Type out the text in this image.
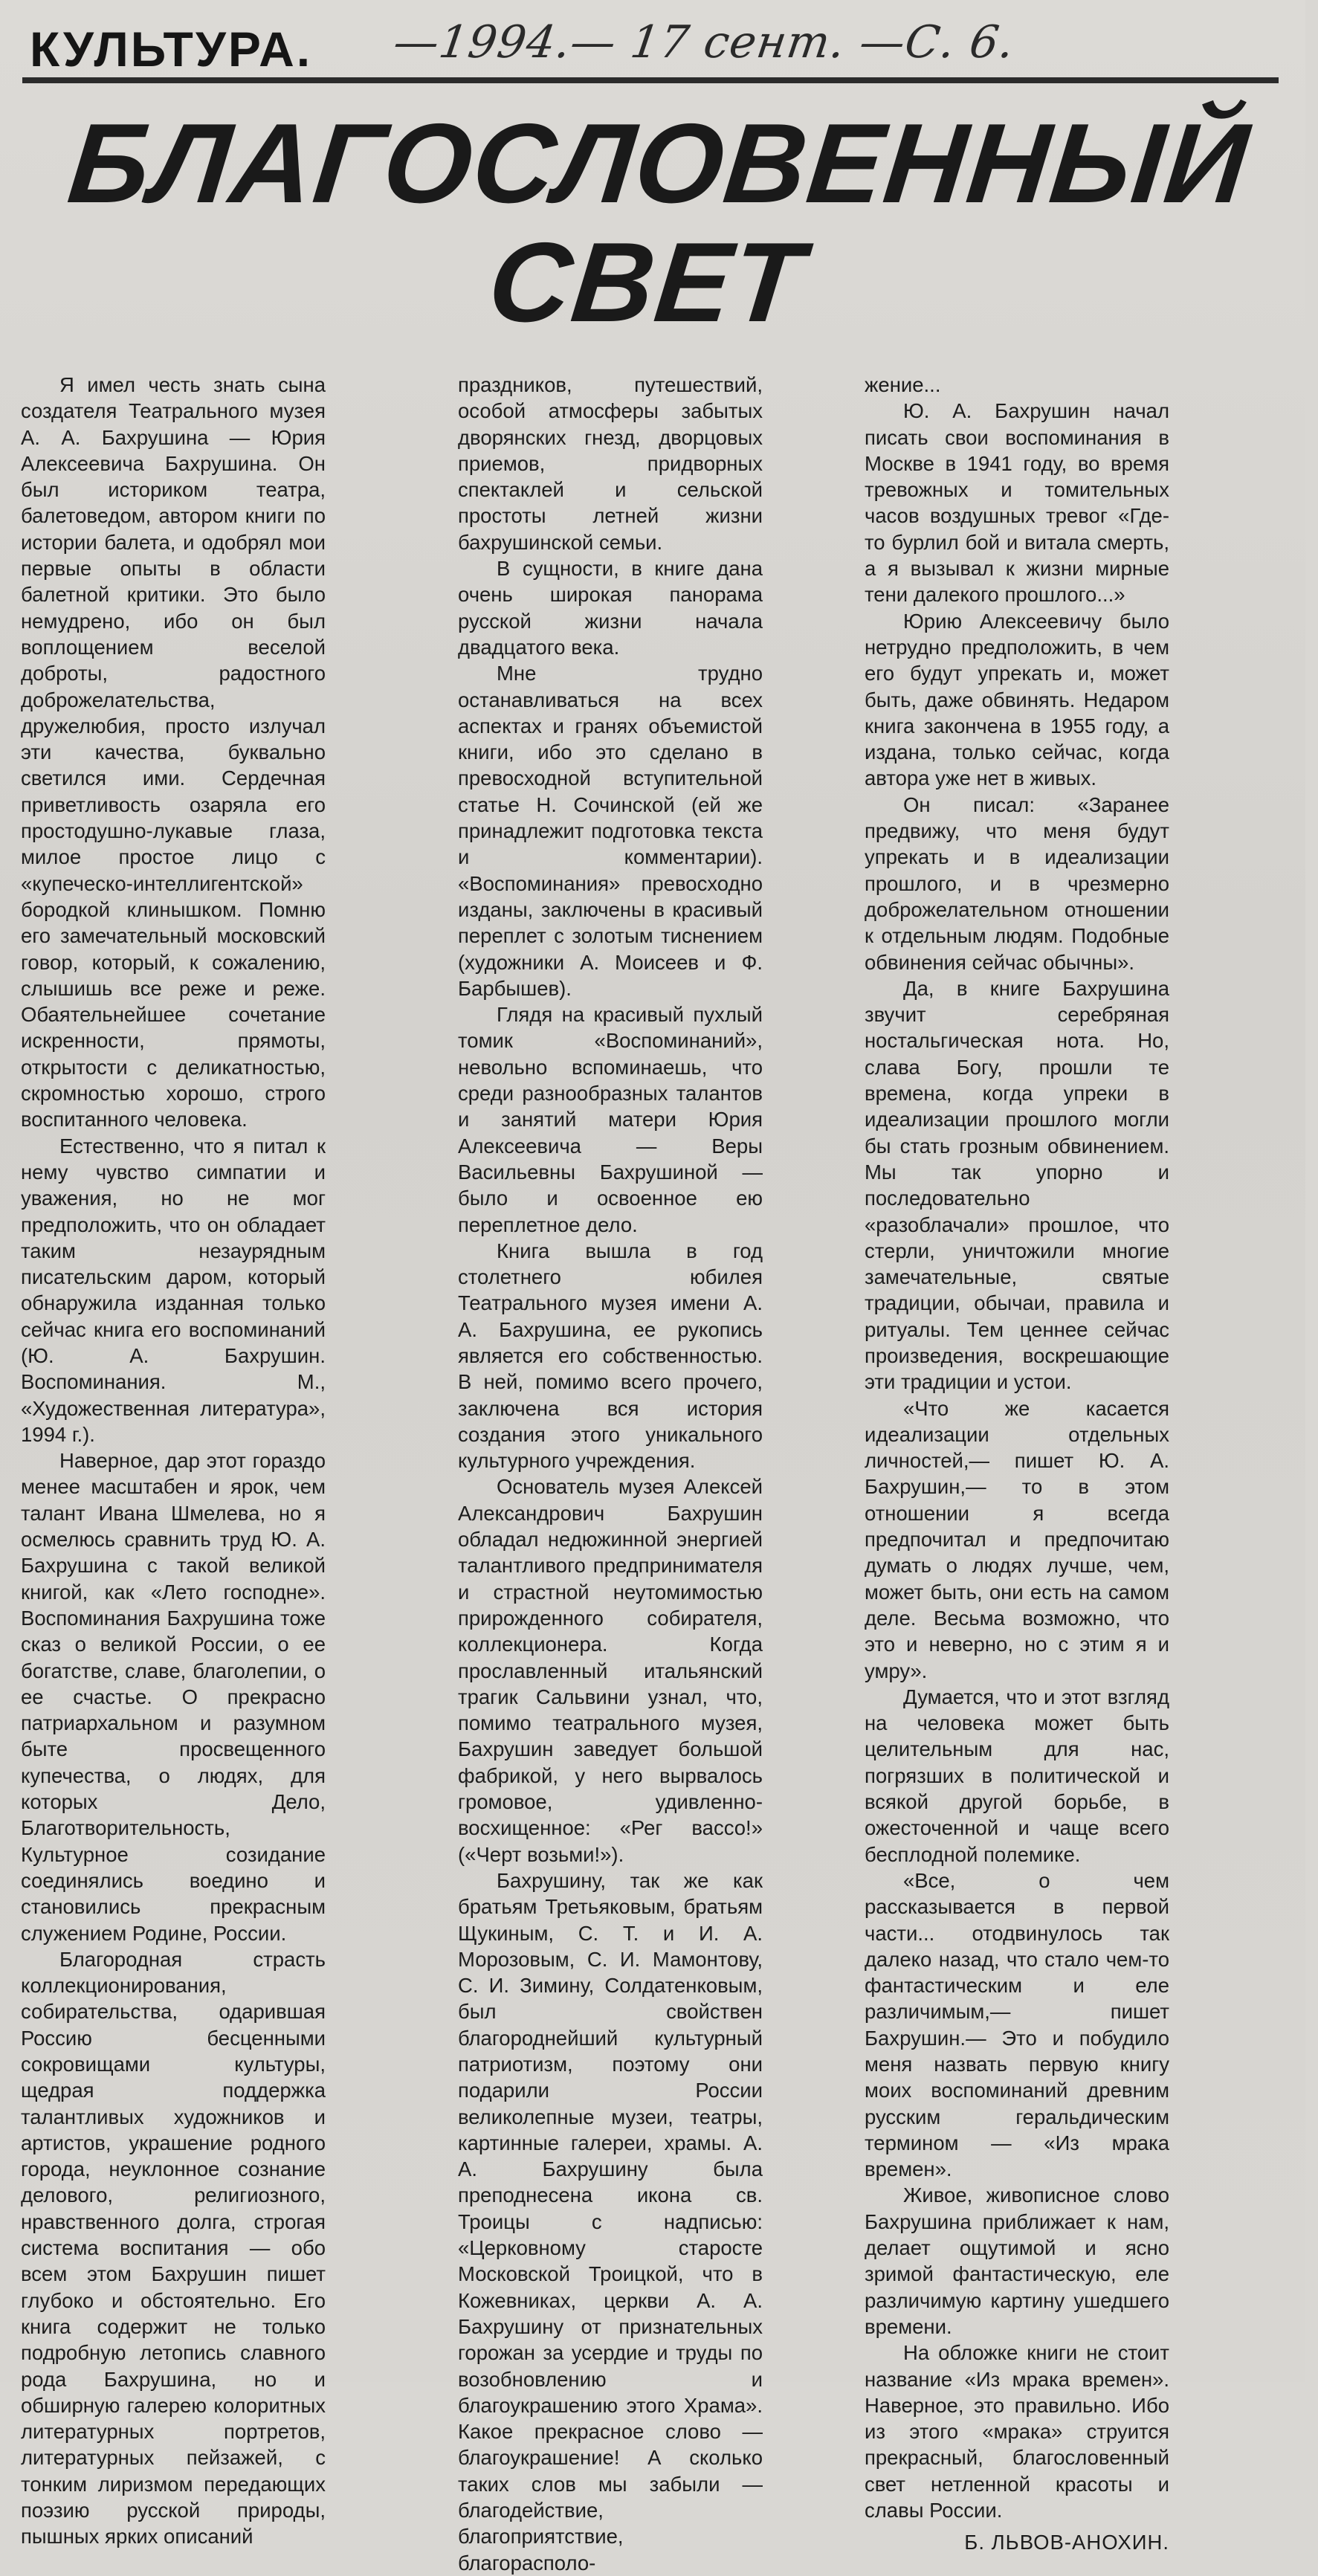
КУЛЬТУРА. —1994.— 17 сент. —С. 6.
БЛАГОСЛОВЕННЫЙ
СВЕТ

Я имел честь знать сына создателя Театрального музея А. А. Бахрушина — Юрия Алексеевича Бахрушина. Он был историком театра, балетоведом, автором книги по истории балета, и одобрял мои первые опыты в области балетной критики. Это было немудрено, ибо он был воплощением веселой доброты, радостного доброжелательства, дружелюбия, просто излучал эти качества, буквально светился ими. Сердечная приветливость озаряла его простодушно-лукавые глаза, милое простое лицо с «купеческо-интеллигентской» бородкой клинышком. Помню его замечательный московский говор, который, к сожалению, слышишь все реже и реже. Обаятельнейшее сочетание искренности, прямоты, открытости с деликатностью, скромностью хорошо, строго воспитанного человека.

Естественно, что я питал к нему чувство симпатии и уважения, но не мог предположить, что он обладает таким незаурядным писательским даром, который обнаружила изданная только сейчас книга его воспоминаний (Ю. А. Бахрушин. Воспоминания. М., «Художественная литература», 1994 г.).

Наверное, дар этот гораздо менее масштабен и ярок, чем талант Ивана Шмелева, но я осмелюсь сравнить труд Ю. А. Бахрушина с такой великой книгой, как «Лето господне». Воспоминания Бахрушина тоже сказ о великой России, о ее богатстве, славе, благолепии, о ее счастье. О прекрасно патриархальном и разумном быте просвещенного купечества, о людях, для которых Дело, Благотворительность, Культурное созидание соединялись воедино и становились прекрасным служением Родине, России.

Благородная страсть коллекционирования, собирательства, одарившая Россию бесценными сокровищами культуры, щедрая поддержка талантливых художников и артистов, украшение родного города, неуклонное сознание делового, религиозного, нравственного долга, строгая система воспитания — обо всем этом Бахрушин пишет глубоко и обстоятельно. Его книга содержит не только подробную летопись славного рода Бахрушина, но и обширную галерею колоритных литературных портретов, литературных пейзажей, с тонким лиризмом передающих поэзию русской природы, пышных ярких описаний

праздников, путешествий, особой атмосферы забытых дворянских гнезд, дворцовых приемов, придворных спектаклей и сельской простоты летней жизни бахрушинской семьи.

В сущности, в книге дана очень широкая панорама русской жизни начала двадцатого века.

Мне трудно останавливаться на всех аспектах и гранях объемистой книги, ибо это сделано в превосходной вступительной статье Н. Сочинской (ей же принадлежит подготовка текста и комментарии). «Воспоминания» превосходно изданы, заключены в красивый переплет с золотым тиснением (художники А. Моисеев и Ф. Барбышев).

Глядя на красивый пухлый томик «Воспоминаний», невольно вспоминаешь, что среди разнообразных талантов и занятий матери Юрия Алексеевича — Веры Васильевны Бахрушиной — было и освоенное ею переплетное дело.

Книга вышла в год столетнего юбилея Театрального музея имени А. А. Бахрушина, ее рукопись является его собственностью. В ней, помимо всего прочего, заключена вся история создания этого уникального культурного учреждения.

Основатель музея Алексей Александрович Бахрушин обладал недюжинной энергией талантливого предпринимателя и страстной неутомимостью прирожденного собирателя, коллекционера. Когда прославленный итальянский трагик Сальвини узнал, что, помимо театрального музея, Бахрушин заведует большой фабрикой, у него вырвалось громовое, удивленно-восхищенное: «Рег вассо!» («Черт возьми!»).

Бахрушину, так же как братьям Третьяковым, братьям Щукиным, С. Т. и И. А. Морозовым, С. И. Мамонтову, С. И. Зимину, Солдатенковым, был свойствен благороднейший культурный патриотизм, поэтому они подарили России великолепные музеи, театры, картинные галереи, храмы. А. А. Бахрушину была преподнесена икона св. Троицы с надписью: «Церковному старосте Московской Троицкой, что в Кожевниках, церкви А. А. Бахрушину от признательных горожан за усердие и труды по возобновлению и благоукрашению этого Храма». Какое прекрасное слово — благоукрашение! А сколько таких слов мы забыли — благодействие, благоприятствие, благорасполо-

жение...

Ю. А. Бахрушин начал писать свои воспоминания в Москве в 1941 году, во время тревожных и томительных часов воздушных тревог «Где-то бурлил бой и витала смерть, а я вызывал к жизни мирные тени далекого прошлого...»

Юрию Алексеевичу было нетрудно предположить, в чем его будут упрекать и, может быть, даже обвинять. Недаром книга закончена в 1955 году, а издана, только сейчас, когда автора уже нет в живых.

Он писал: «Заранее предвижу, что меня будут упрекать и в идеализации прошлого, и в чрезмерно доброжелательном отношении к отдельным людям. Подобные обвинения сейчас обычны».

Да, в книге Бахрушина звучит серебряная ностальгическая нота. Но, слава Богу, прошли те времена, когда упреки в идеализации прошлого могли бы стать грозным обвинением. Мы так упорно и последовательно «разоблачали» прошлое, что стерли, уничтожили многие замечательные, святые традиции, обычаи, правила и ритуалы. Тем ценнее сейчас произведения, воскрешающие эти традиции и устои.

«Что же касается идеализации отдельных личностей,— пишет Ю. А. Бахрушин,— то в этом отношении я всегда предпочитал и предпочитаю думать о людях лучше, чем, может быть, они есть на самом деле. Весьма возможно, что это и неверно, но с этим я и умру».

Думается, что и этот взгляд на человека может быть целительным для нас, погрязших в политической и всякой другой борьбе, в ожесточенной и чаще всего бесплодной полемике.

«Все, о чем рассказывается в первой части... отодвинулось так далеко назад, что стало чем-то фантастическим и еле различимым,— пишет Бахрушин.— Это и побудило меня назвать первую книгу моих воспоминаний древним русским геральдическим термином — «Из мрака времен».

Живое, живописное слово Бахрушина приближает к нам, делает ощутимой и ясно зримой фантастическую, еле различимую картину ушедшего времени.

На обложке книги не стоит название «Из мрака времен». Наверное, это правильно. Ибо из этого «мрака» струится прекрасный, благословенный свет нетленной красоты и славы России.

Б. ЛЬВОВ-АНОХИН.
